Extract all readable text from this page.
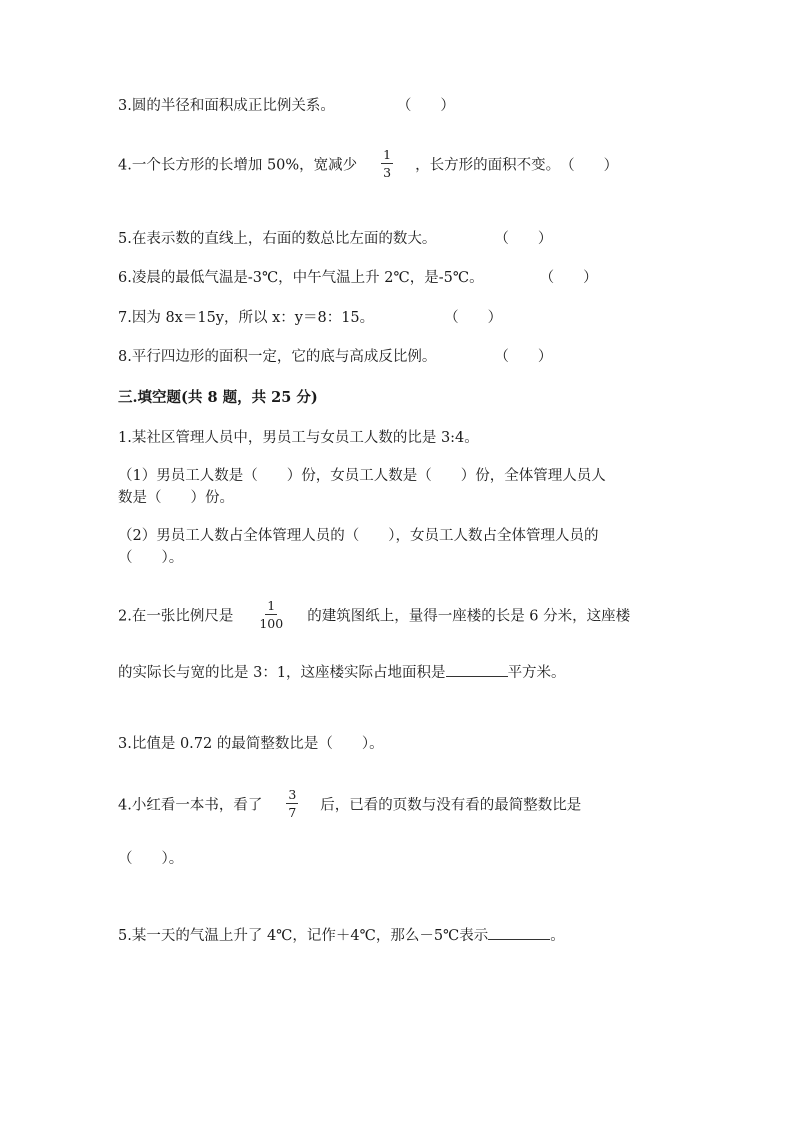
3.圆的半径和面积成正比例关系。	（　　）
4.一个长方形的长增加 50%，宽减少 $\frac{1}{3}$ ，长方形的面积不变。（　　）
5.在表示数的直线上，右面的数总比左面的数大。	（　　）
6.凌晨的最低气温是-3℃，中午气温上升 2℃，是-5℃。	（　　）
7.因为 8x＝15y，所以 x：y＝8：15。	（　　）
8.平行四边形的面积一定，它的底与高成反比例。	（　　）
三.填空题(共 8 题，共 25 分)
1.某社区管理人员中，男员工与女员工人数的比是 3:4。
（1）男员工人数是（　　）份，女员工人数是（　　）份，全体管理人员人
数是（　　）份。
（2）男员工人数占全体管理人员的（　　），女员工人数占全体管理人员的
（　　）。
2.在一张比例尺是 $\frac{1}{100}$ 的建筑图纸上，量得一座楼的长是 6 分米，这座楼
的实际长与宽的比是 3：1，这座楼实际占地面积是	平方米。
3.比值是 0.72 的最简整数比是（　　）。
4.小红看一本书，看了 $\frac{3}{7}$ 后，已看的页数与没有看的最简整数比是
（　　）。
5.某一天的气温上升了 4℃，记作＋4℃，那么－5℃表示	。
